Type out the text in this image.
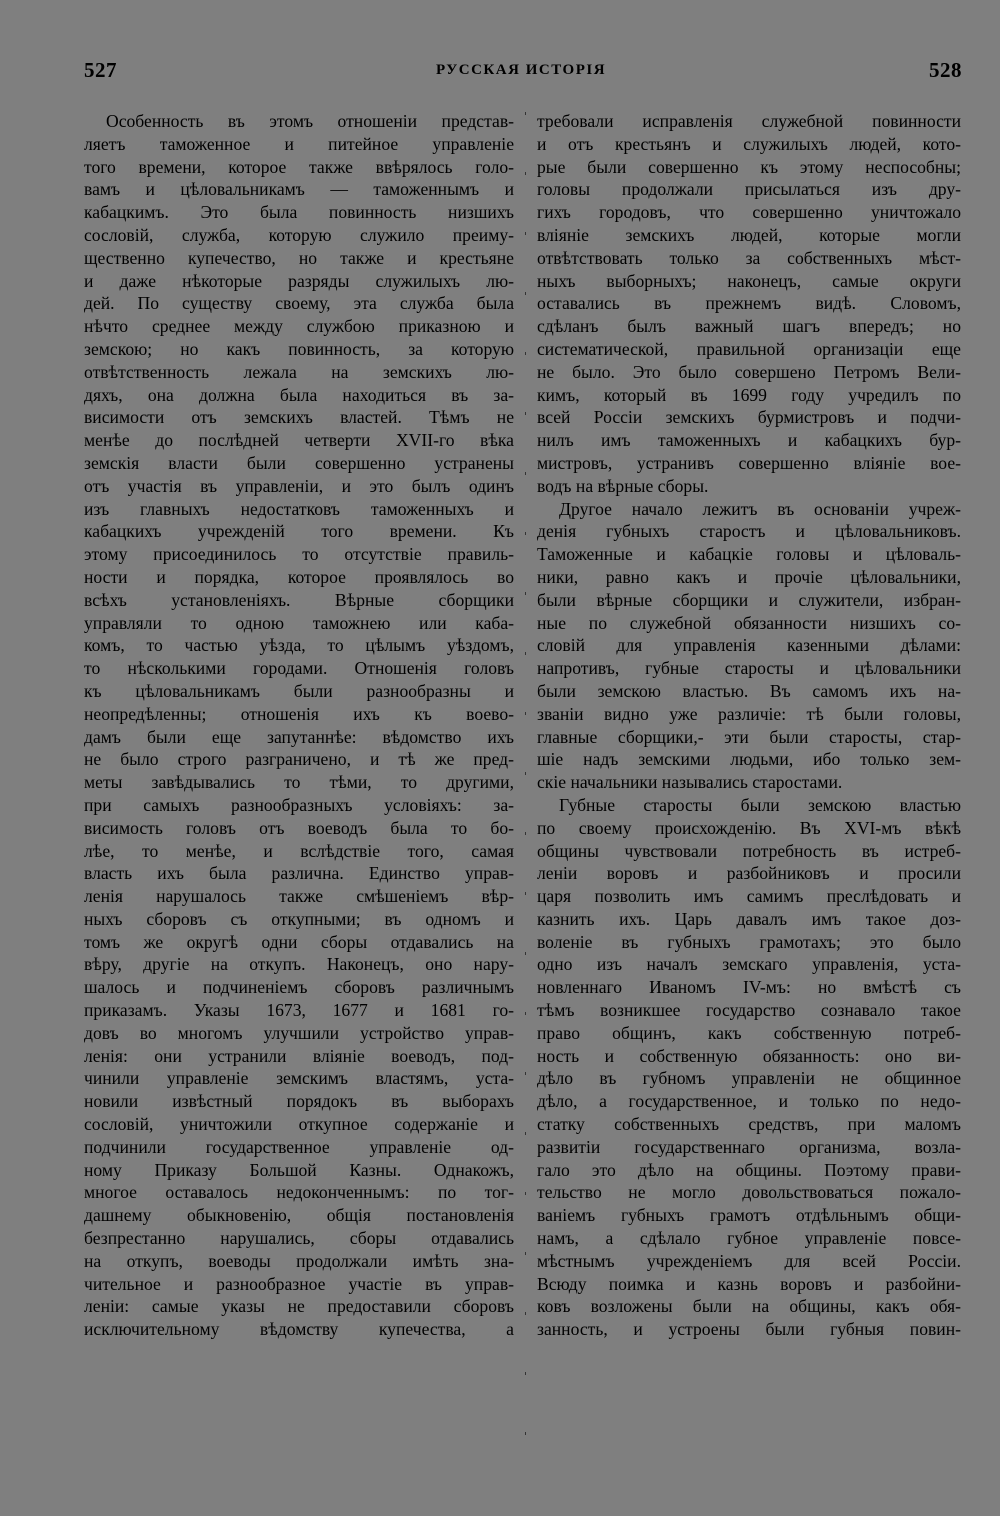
527	РУССКАЯ ИСТОРІЯ	528
Особенность въ этомъ отношеніи представ-
ляетъ таможенное и питейное управленіе
того времени, которое также ввѣрялось голо-
вамъ и цѣловальникамъ — таможеннымъ и
кабацкимъ. Это была повинность низшихъ
сословій, служба, которую служило преиму-
щественно купечество, но также и крестьяне
и даже нѣкоторые разряды служилыхъ лю-
дей. По существу своему, эта служба была
нѣчто среднее между службою приказною и
земскою; но какъ повинность, за которую
отвѣтственность лежала на земскихъ лю-
дяхъ, она должна была находиться въ за-
висимости отъ земскихъ властей. Тѣмъ не
менѣе до послѣдней четверти XVII-го вѣка
земскія власти были совершенно устранены
отъ участія въ управленіи, и это былъ одинъ
изъ главныхъ недостатковъ таможенныхъ и
кабацкихъ учрежденій того времени. Къ
этому присоединилось то отсутствіе правиль-
ности и порядка, которое проявлялось во
всѣхъ установленіяхъ. Вѣрные сборщики
управляли то одною таможнею или каба-
комъ, то частью уѣзда, то цѣлымъ уѣздомъ,
то нѣсколькими городами. Отношенія головъ
къ цѣловальникамъ были разнообразны и
неопредѣленны; отношенія ихъ къ воево-
дамъ были еще запутаннѣе: вѣдомство ихъ
не было строго разграничено, и тѣ же пред-
меты завѣдывались то тѣми, то другими,
при самыхъ разнообразныхъ условіяхъ: за-
висимость головъ отъ воеводъ была то бо-
лѣе, то менѣе, и вслѣдствіе того, самая
власть ихъ была различна. Единство управ-
ленія нарушалось также смѣшеніемъ вѣр-
ныхъ сборовъ съ откупными; въ одномъ и
томъ же округѣ одни сборы отдавались на
вѣру, другіе на откупъ. Наконецъ, оно нару-
шалось и подчиненіемъ сборовъ различнымъ
приказамъ. Указы 1673, 1677 и 1681 го-
довъ во многомъ улучшили устройство управ-
ленія: они устранили вліяніе воеводъ, под-
чинили управленіе земскимъ властямъ, уста-
новили извѣстный порядокъ въ выборахъ
сословій, уничтожили откупное содержаніе и
подчинили государственное управленіе од-
ному Приказу Большой Казны. Однакожъ,
многое оставалось недоконченнымъ: по тог-
дашнему обыкновенію, общія постановленія
безпрестанно нарушались, сборы отдавались
на откупъ, воеводы продолжали имѣть зна-
чительное и разнообразное участіе въ управ-
леніи: самые указы не предоставили сборовъ
исключительному вѣдомству купечества, а
требовали исправленія служебной повинности
и отъ крестьянъ и служилыхъ людей, кото-
рые были совершенно къ этому неспособны;
головы продолжали присылаться изъ дру-
гихъ городовъ, что совершенно уничтожало
вліяніе земскихъ людей, которые могли
отвѣтствовать только за собственныхъ мѣст-
ныхъ выборныхъ; наконецъ, самые округи
оставались въ прежнемъ видѣ. Словомъ,
сдѣланъ былъ важный шагъ впередъ; но
систематической, правильной организаціи еще
не было. Это было совершено Петромъ Вели-
кимъ, который въ 1699 году учредилъ по
всей Россіи земскихъ бурмистровъ и подчи-
нилъ имъ таможенныхъ и кабацкихъ бур-
мистровъ, устранивъ совершенно вліяніе вое-
водъ на вѣрные сборы.
Другое начало лежитъ въ основаніи учреж-
денія губныхъ старостъ и цѣловальниковъ.
Таможенные и кабацкіе головы и цѣловаль-
ники, равно какъ и прочіе цѣловальники,
были вѣрные сборщики и служители, избран-
ные по служебной обязанности низшихъ со-
словій для управленія казенными дѣлами:
напротивъ, губные старосты и цѣловальники
были земскою властью. Въ самомъ ихъ на-
званіи видно уже различіе: тѣ были головы,
главные сборщики,- эти были старосты, стар-
шіе надъ земскими людьми, ибо только зем-
скіе начальники назывались старостами.
Губные старосты были земскою властью
по своему происхожденію. Въ XVI-мъ вѣкѣ
общины чувствовали потребность въ истреб-
леніи воровъ и разбойниковъ и просили
царя позволить имъ самимъ преслѣдовать и
казнить ихъ. Царь давалъ имъ такое доз-
воленіе въ губныхъ грамотахъ; это было
одно изъ началъ земскаго управленія, уста-
новленнаго Иваномъ IV-мъ: но вмѣстѣ съ
тѣмъ возникшее государство сознавало такое
право общинъ, какъ собственную потреб-
ность и собственную обязанность: оно ви-
дѣло въ губномъ управленіи не общинное
дѣло, а государственное, и только по недо-
статку собственныхъ средствъ, при маломъ
развитіи государственнаго организма, возла-
гало это дѣло на общины. Поэтому прави-
тельство не могло довольствоваться пожало-
ваніемъ губныхъ грамотъ отдѣльнымъ общи-
намъ, а сдѣлало губное управленіе повсе-
мѣстнымъ учрежденіемъ для всей Россіи.
Всюду поимка и казнь воровъ и разбойни-
ковъ возложены были на общины, какъ обя-
занность, и устроены были губныя повин-
